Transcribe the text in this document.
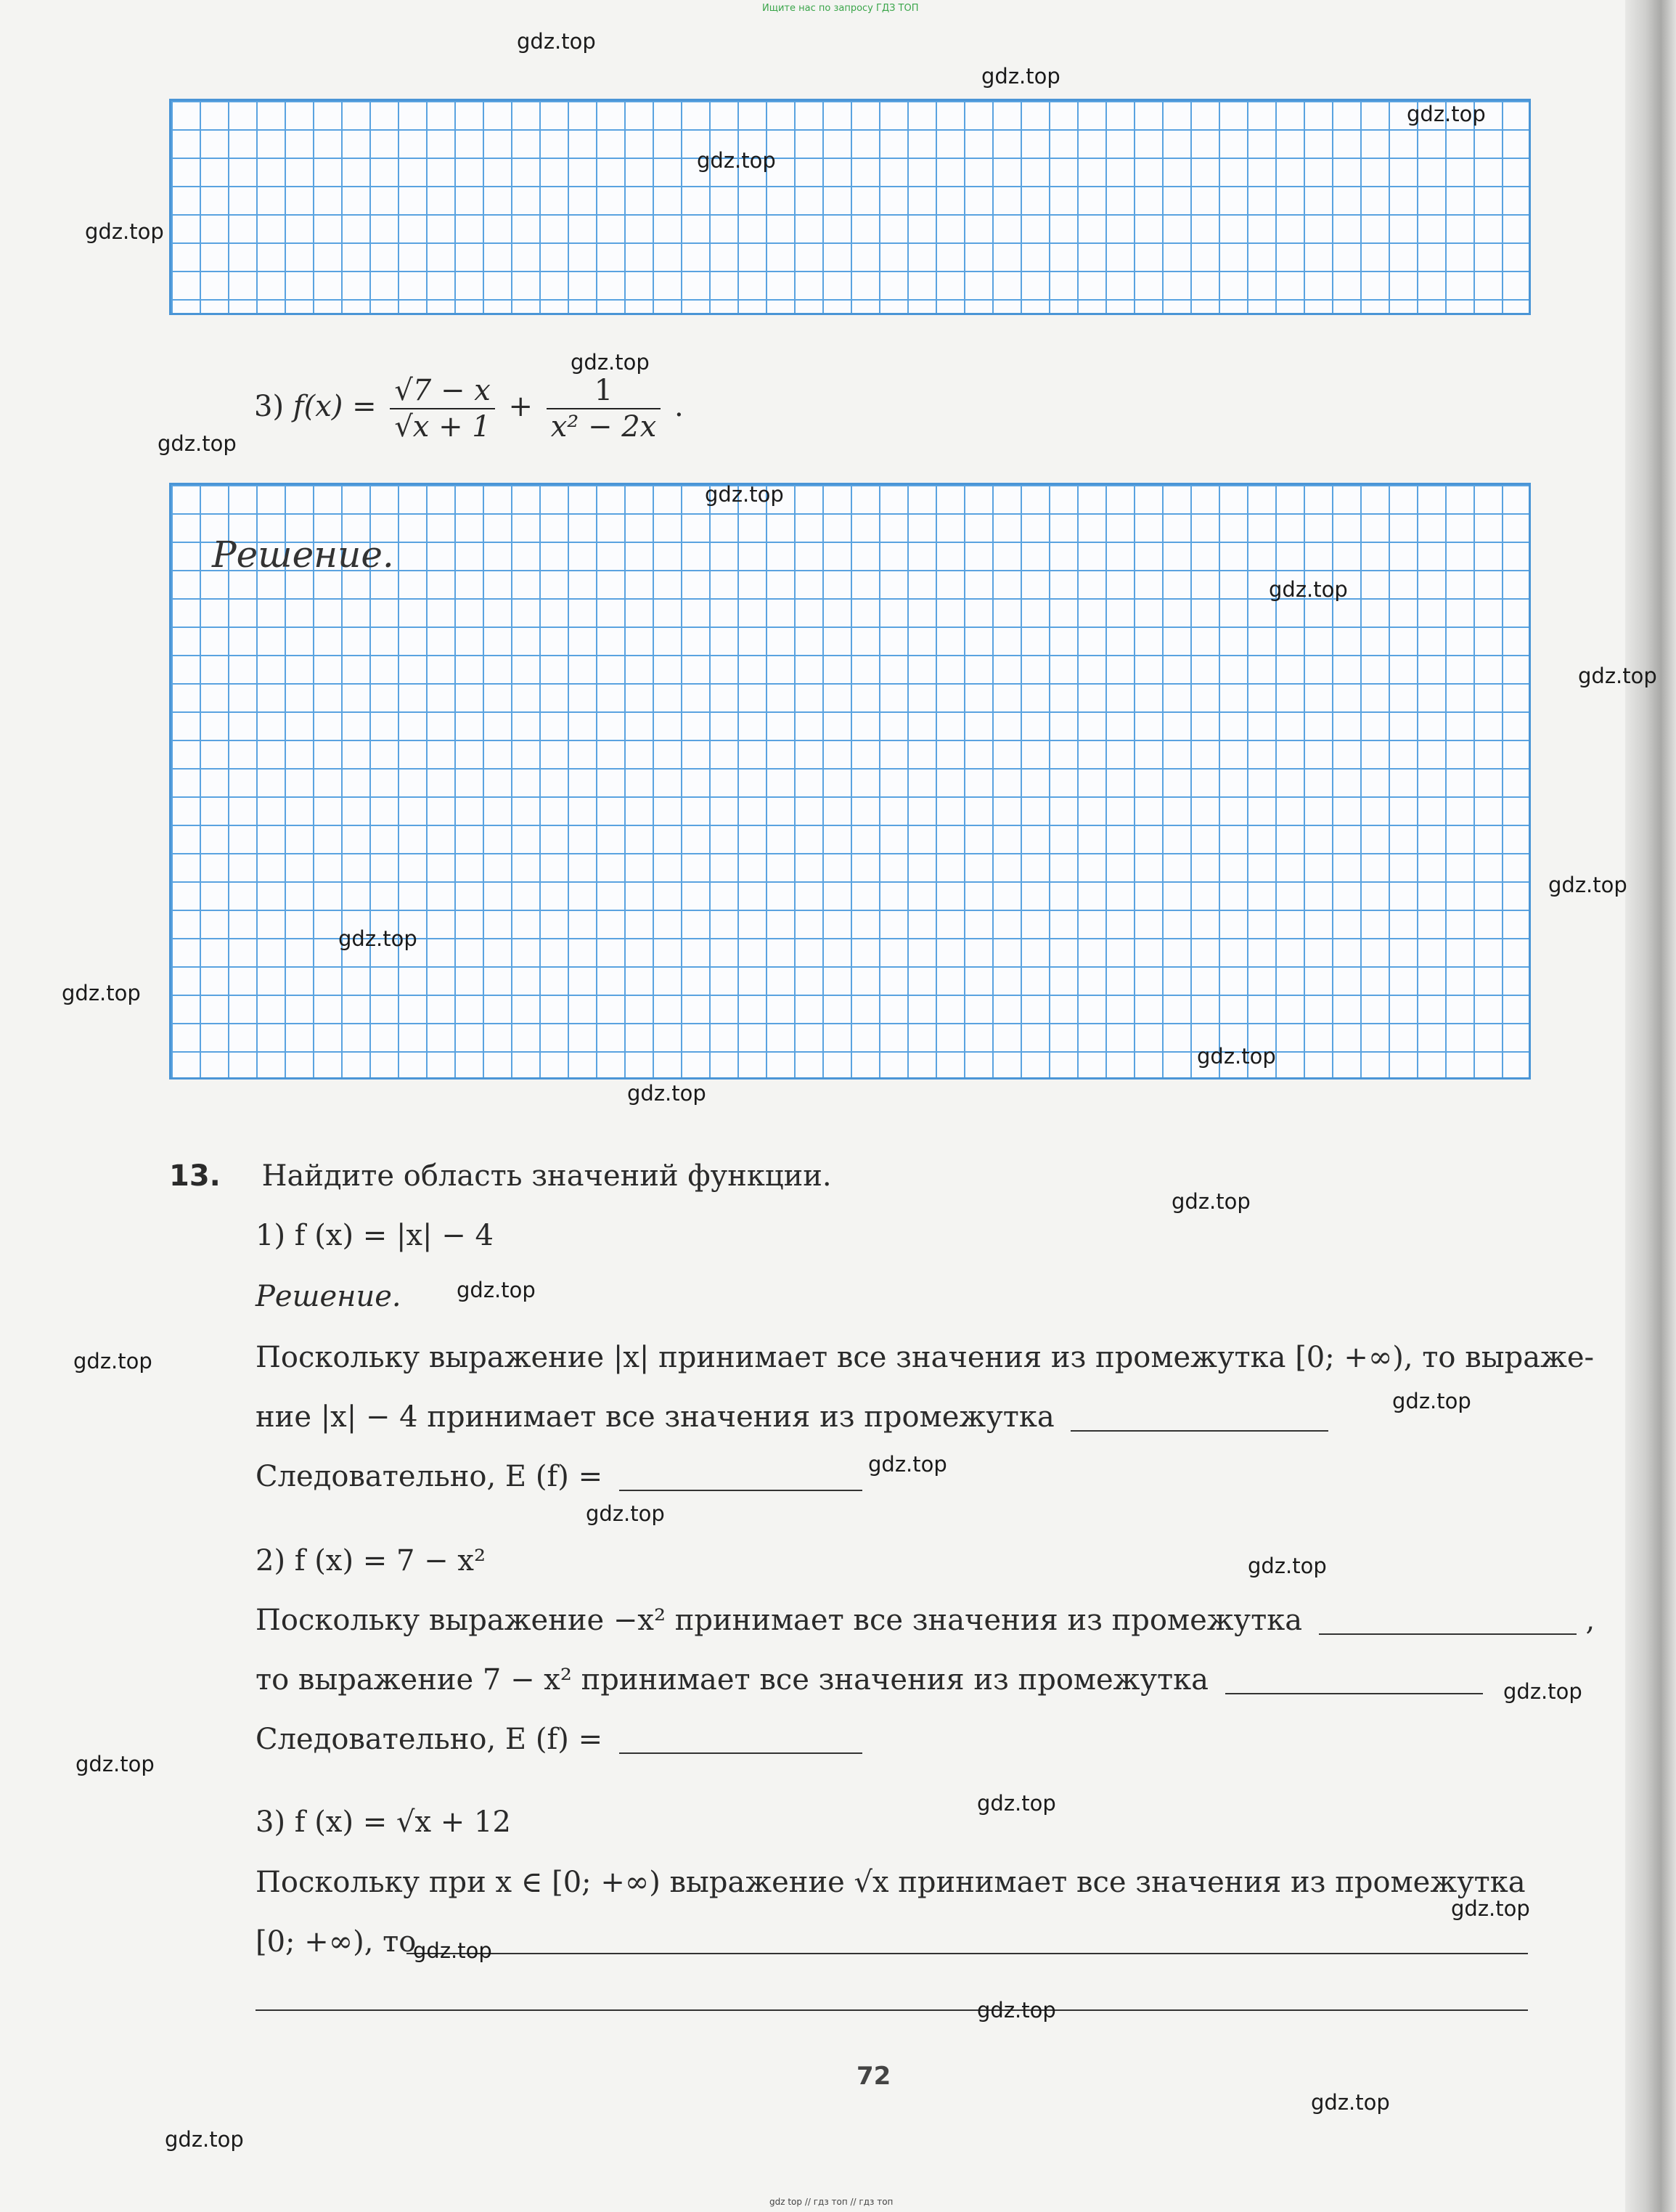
Ищите нас по запросу ГДЗ ТОП
3) $f(x) = \frac{√7 - x}{√x + 1} + \frac{1}{\text{x² − 2x}}$ .
Решение.
13. Найдите область значений функции.
1) f (x) = |x| − 4
Решение.
Поскольку выражение |x| принимает все значения из промежутка [0; +∞), то выраже-
ние |x| − 4 принимает все значения из промежутка
Следовательно, E (f) =
2) f (x) = 7 − x²
Поскольку выражение −x² принимает все значения из промежутка	,
то выражение 7 − x² принимает все значения из промежутка
Следовательно, E (f) =
3) f (x) = √x + 12
Поскольку при x ∈ [0; +∞) выражение √x принимает все значения из промежутка
[0; +∞), то
72
gdz.top
gdz.top
gdz.top
gdz.top
gdz.top
gdz.top
gdz.top
gdz.top
gdz.top
gdz.top
gdz.top
gdz.top
gdz.top
gdz.top
gdz.top
gdz.top
gdz.top
gdz.top
gdz.top
gdz.top
gdz.top
gdz.top
gdz.top
gdz.top
gdz.top
gdz.top
gdz.top
gdz.top
gdz.top
gdz.top
gdz top // гдз топ // гдз топ
